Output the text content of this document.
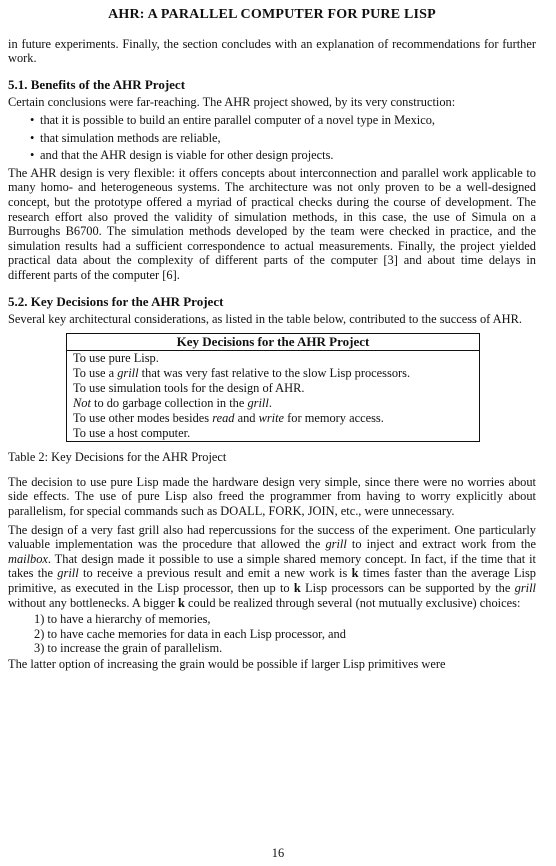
AHR: A PARALLEL COMPUTER FOR PURE LISP

in future experiments. Finally, the section concludes with an explanation of recommendations for further work.

5.1. Benefits of the AHR Project

Certain conclusions were far-reaching. The AHR project showed, by its very construction:

• that it is possible to build an entire parallel computer of a novel type in Mexico,
• that simulation methods are reliable,
• and that the AHR design is viable for other design projects.

The AHR design is very flexible: it offers concepts about interconnection and parallel work applicable to many homo- and heterogeneous systems. The architecture was not only proven to be a well-designed concept, but the prototype offered a myriad of practical checks during the course of development. The research effort also proved the validity of simulation methods, in this case, the use of Simula on a Burroughs B6700. The simulation methods developed by the team were checked in practice, and the simulation results had a sufficient correspondence to actual measurements. Finally, the project yielded practical data about the complexity of different parts of the computer [3] and about time delays in different parts of the computer [6].

5.2. Key Decisions for the AHR Project

Several key architectural considerations, as listed in the table below, contributed to the success of AHR.

Key Decisions for the AHR Project
To use pure Lisp.
To use a grill that was very fast relative to the slow Lisp processors.
To use simulation tools for the design of AHR.
Not to do garbage collection in the grill.
To use other modes besides read and write for memory access.
To use a host computer.

Table 2: Key Decisions for the AHR Project

The decision to use pure Lisp made the hardware design very simple, since there were no worries about side effects. The use of pure Lisp also freed the programmer from having to worry explicitly about parallelism, for special commands such as DOALL, FORK, JOIN, etc., were unnecessary.

The design of a very fast grill also had repercussions for the success of the experiment. One particularly valuable implementation was the procedure that allowed the grill to inject and extract work from the mailbox. That design made it possible to use a simple shared memory concept. In fact, if the time that it takes the grill to receive a previous result and emit a new work is k times faster than the average Lisp primitive, as executed in the Lisp processor, then up to k Lisp processors can be supported by the grill without any bottlenecks. A bigger k could be realized through several (not mutually exclusive) choices:

1) to have a hierarchy of memories,
2) to have cache memories for data in each Lisp processor, and
3) to increase the grain of parallelism.

The latter option of increasing the grain would be possible if larger Lisp primitives were

16
